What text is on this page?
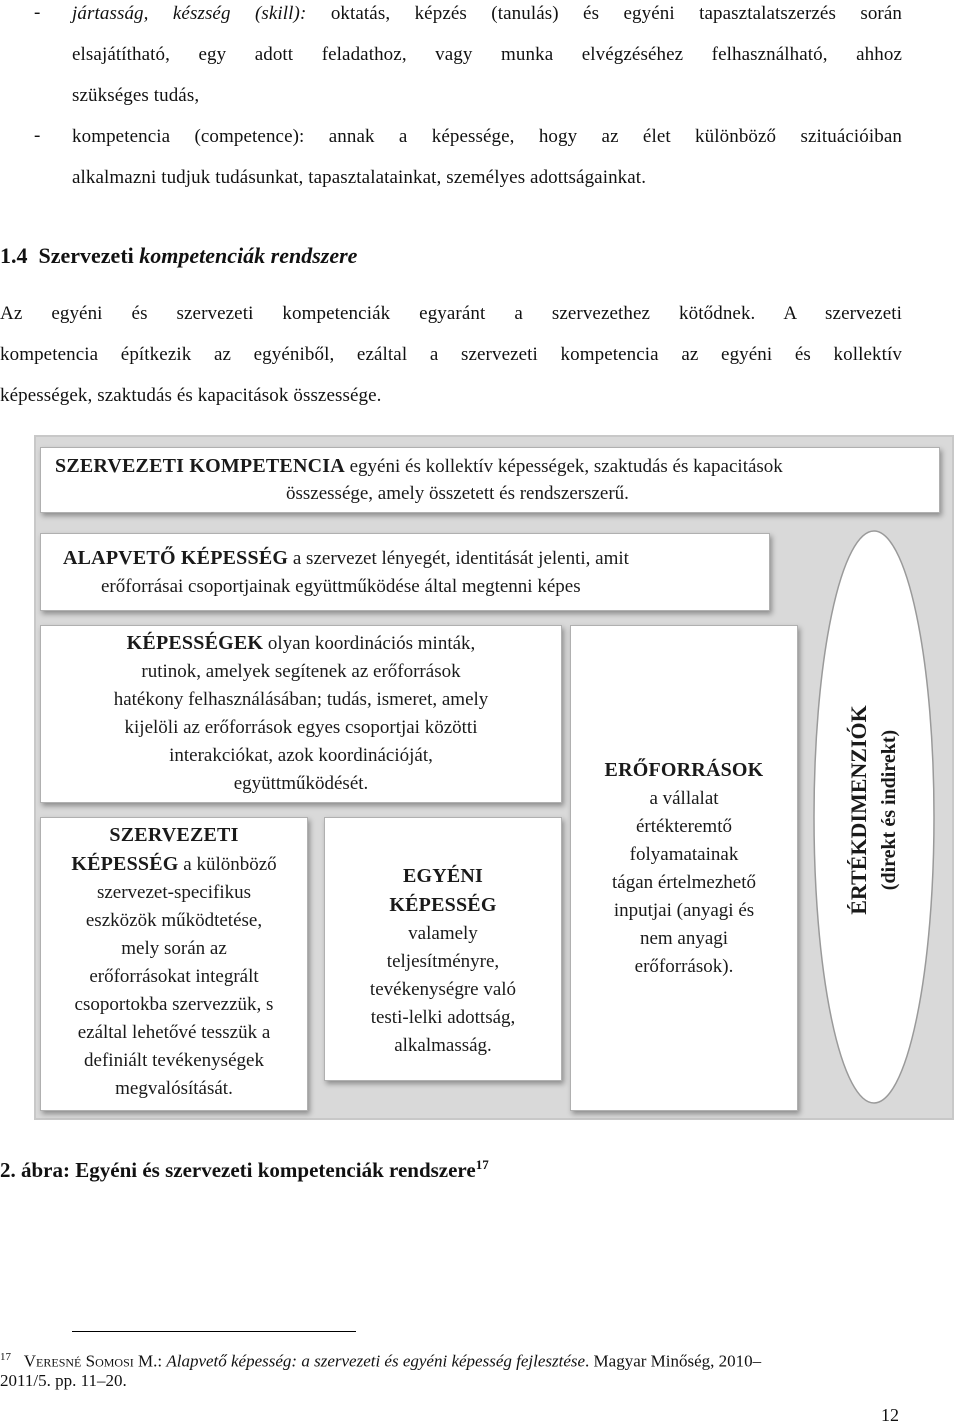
- jártasság, készség (skill): oktatás, képzés (tanulás) és egyéni tapasztalatszerzés során
elsajátítható, egy adott feladathoz, vagy munka elvégzéséhez felhasználható, ahhoz
szükséges tudás,
- kompetencia (competence): annak a képessége, hogy az élet különböző szituációiban
alkalmazni tudjuk tudásunkat, tapasztalatainkat, személyes adottságainkat.
1.4 Szervezeti kompetenciák rendszere
Az egyéni és szervezeti kompetenciák egyaránt a szervezethez kötődnek. A szervezeti
kompetencia építkezik az egyéniből, ezáltal a szervezeti kompetencia az egyéni és kollektív
képességek, szaktudás és kapacitások összessége.
SZERVEZETI KOMPETENCIA egyéni és kollektív képességek, szaktudás és kapacitások
összessége, amely összetett és rendszerszerű.
ALAPVETŐ KÉPESSÉG a szervezet lényegét, identitását jelenti, amit
erőforrásai csoportjainak együttműködése által megtenni képes
KÉPESSÉGEK olyan koordinációs minták,
rutinok, amelyek segítenek az erőforrások
hatékony felhasználásában; tudás, ismeret, amely
kijelöli az erőforrások egyes csoportjai közötti
interakciókat, azok koordinációját,
együttműködését.
SZERVEZETI
KÉPESSÉG a különböző
szervezet-specifikus
eszközök működtetése,
mely során az
erőforrásokat integrált
csoportokba szervezzük, s
ezáltal lehetővé tesszük a
definiált tevékenységek
megvalósítását.
EGYÉNI
KÉPESSÉG
valamely
teljesítményre,
tevékenységre való
testi-lelki adottság,
alkalmasság.
ERŐFORRÁSOK
a vállalat
értékteremtő
folyamatainak
tágan értelmezhető
inputjai (anyagi és
nem anyagi
erőforrások).
ÉRTÉKDIMENZIÓK (direkt és indirekt)
2. ábra: Egyéni és szervezeti kompetenciák rendszere$^{17}$
$^{17}$ Veresné Somosi M.: Alapvető képesség: a szervezeti és egyéni képesség fejlesztése. Magyar Minőség, 2010–
2011/5. pp. 11–20.
12
